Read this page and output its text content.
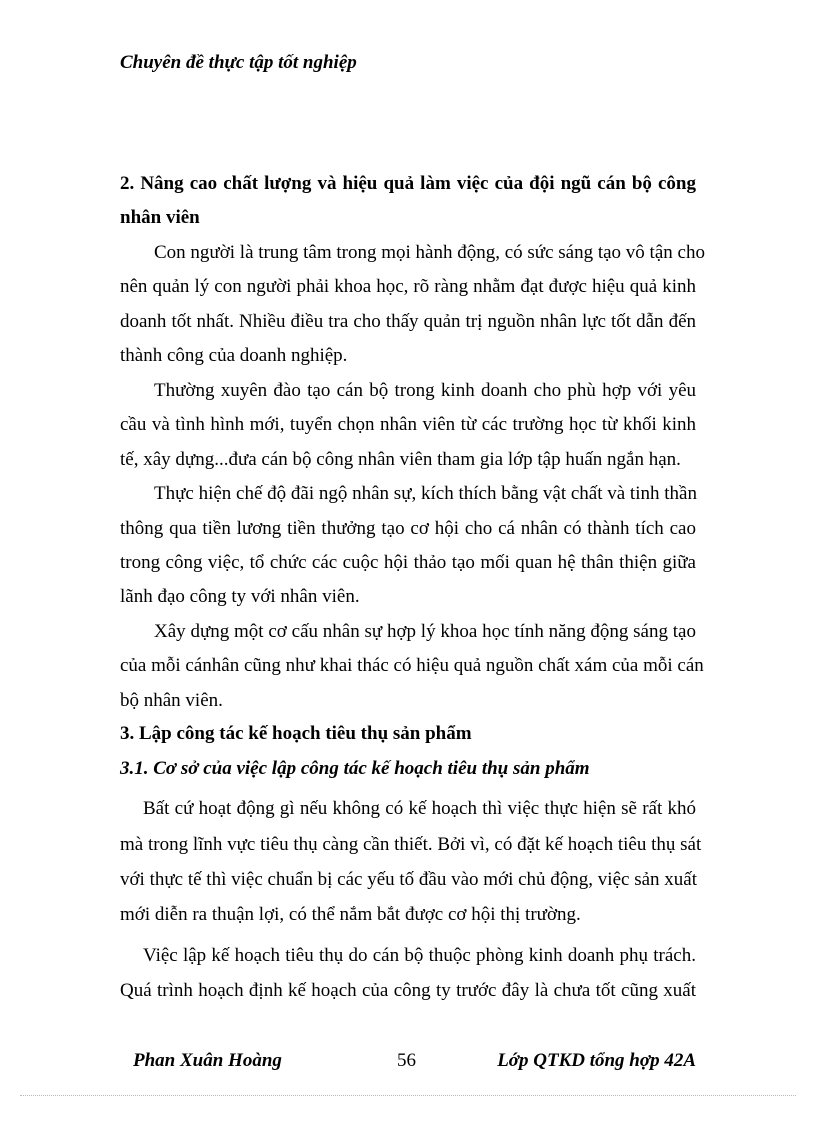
Chuyên đề thực tập tốt nghiệp
2. Nâng cao chất lượng và hiệu quả làm việc của đội ngũ cán bộ công
nhân viên
Con người là trung tâm trong mọi hành động, có sức sáng tạo vô tận cho
nên quản lý con người phải khoa học, rõ ràng nhằm đạt được hiệu quả kinh
doanh tốt nhất. Nhiều điều tra cho thấy quản trị nguồn nhân lực tốt dẫn đến
thành công của doanh nghiệp.
Thường xuyên đào tạo cán bộ trong kinh doanh cho phù hợp với yêu
cầu và tình hình mới, tuyển chọn nhân viên từ các trường học từ khối kinh
tế, xây dựng...đưa cán bộ công nhân viên tham gia lớp tập huấn ngắn hạn.
Thực hiện chế độ đãi ngộ nhân sự, kích thích bằng vật chất và tinh thần
thông qua tiền lương tiền thưởng tạo cơ hội cho cá nhân có thành tích cao
trong công việc, tổ chức các cuộc hội thảo tạo mối quan hệ thân thiện giữa
lãnh đạo công ty với nhân viên.
Xây dựng một cơ cấu nhân sự hợp lý khoa học tính năng động sáng tạo
của mỗi cánhân cũng như khai thác có hiệu quả nguồn chất xám của mỗi cán
bộ nhân viên.
3. Lập công tác kế hoạch tiêu thụ sản phẩm
3.1. Cơ sở của việc lập công tác kế hoạch tiêu thụ sản phẩm
Bất cứ hoạt động gì nếu không có kế hoạch thì việc thực hiện sẽ rất khó
mà trong lĩnh vực tiêu thụ càng cần thiết. Bởi vì, có đặt kế hoạch tiêu thụ sát
với thực tế thì việc chuẩn bị các yếu tố đầu vào mới chủ động, việc sản xuất
mới diễn ra thuận lợi, có thể nắm bắt được cơ hội thị trường.
Việc lập kế hoạch tiêu thụ do cán bộ thuộc phòng kinh doanh phụ trách.
Quá trình hoạch định kế hoạch của công ty trước đây là chưa tốt cũng xuất
Phan Xuân Hoàng	56	Lớp QTKD tổng hợp 42A
